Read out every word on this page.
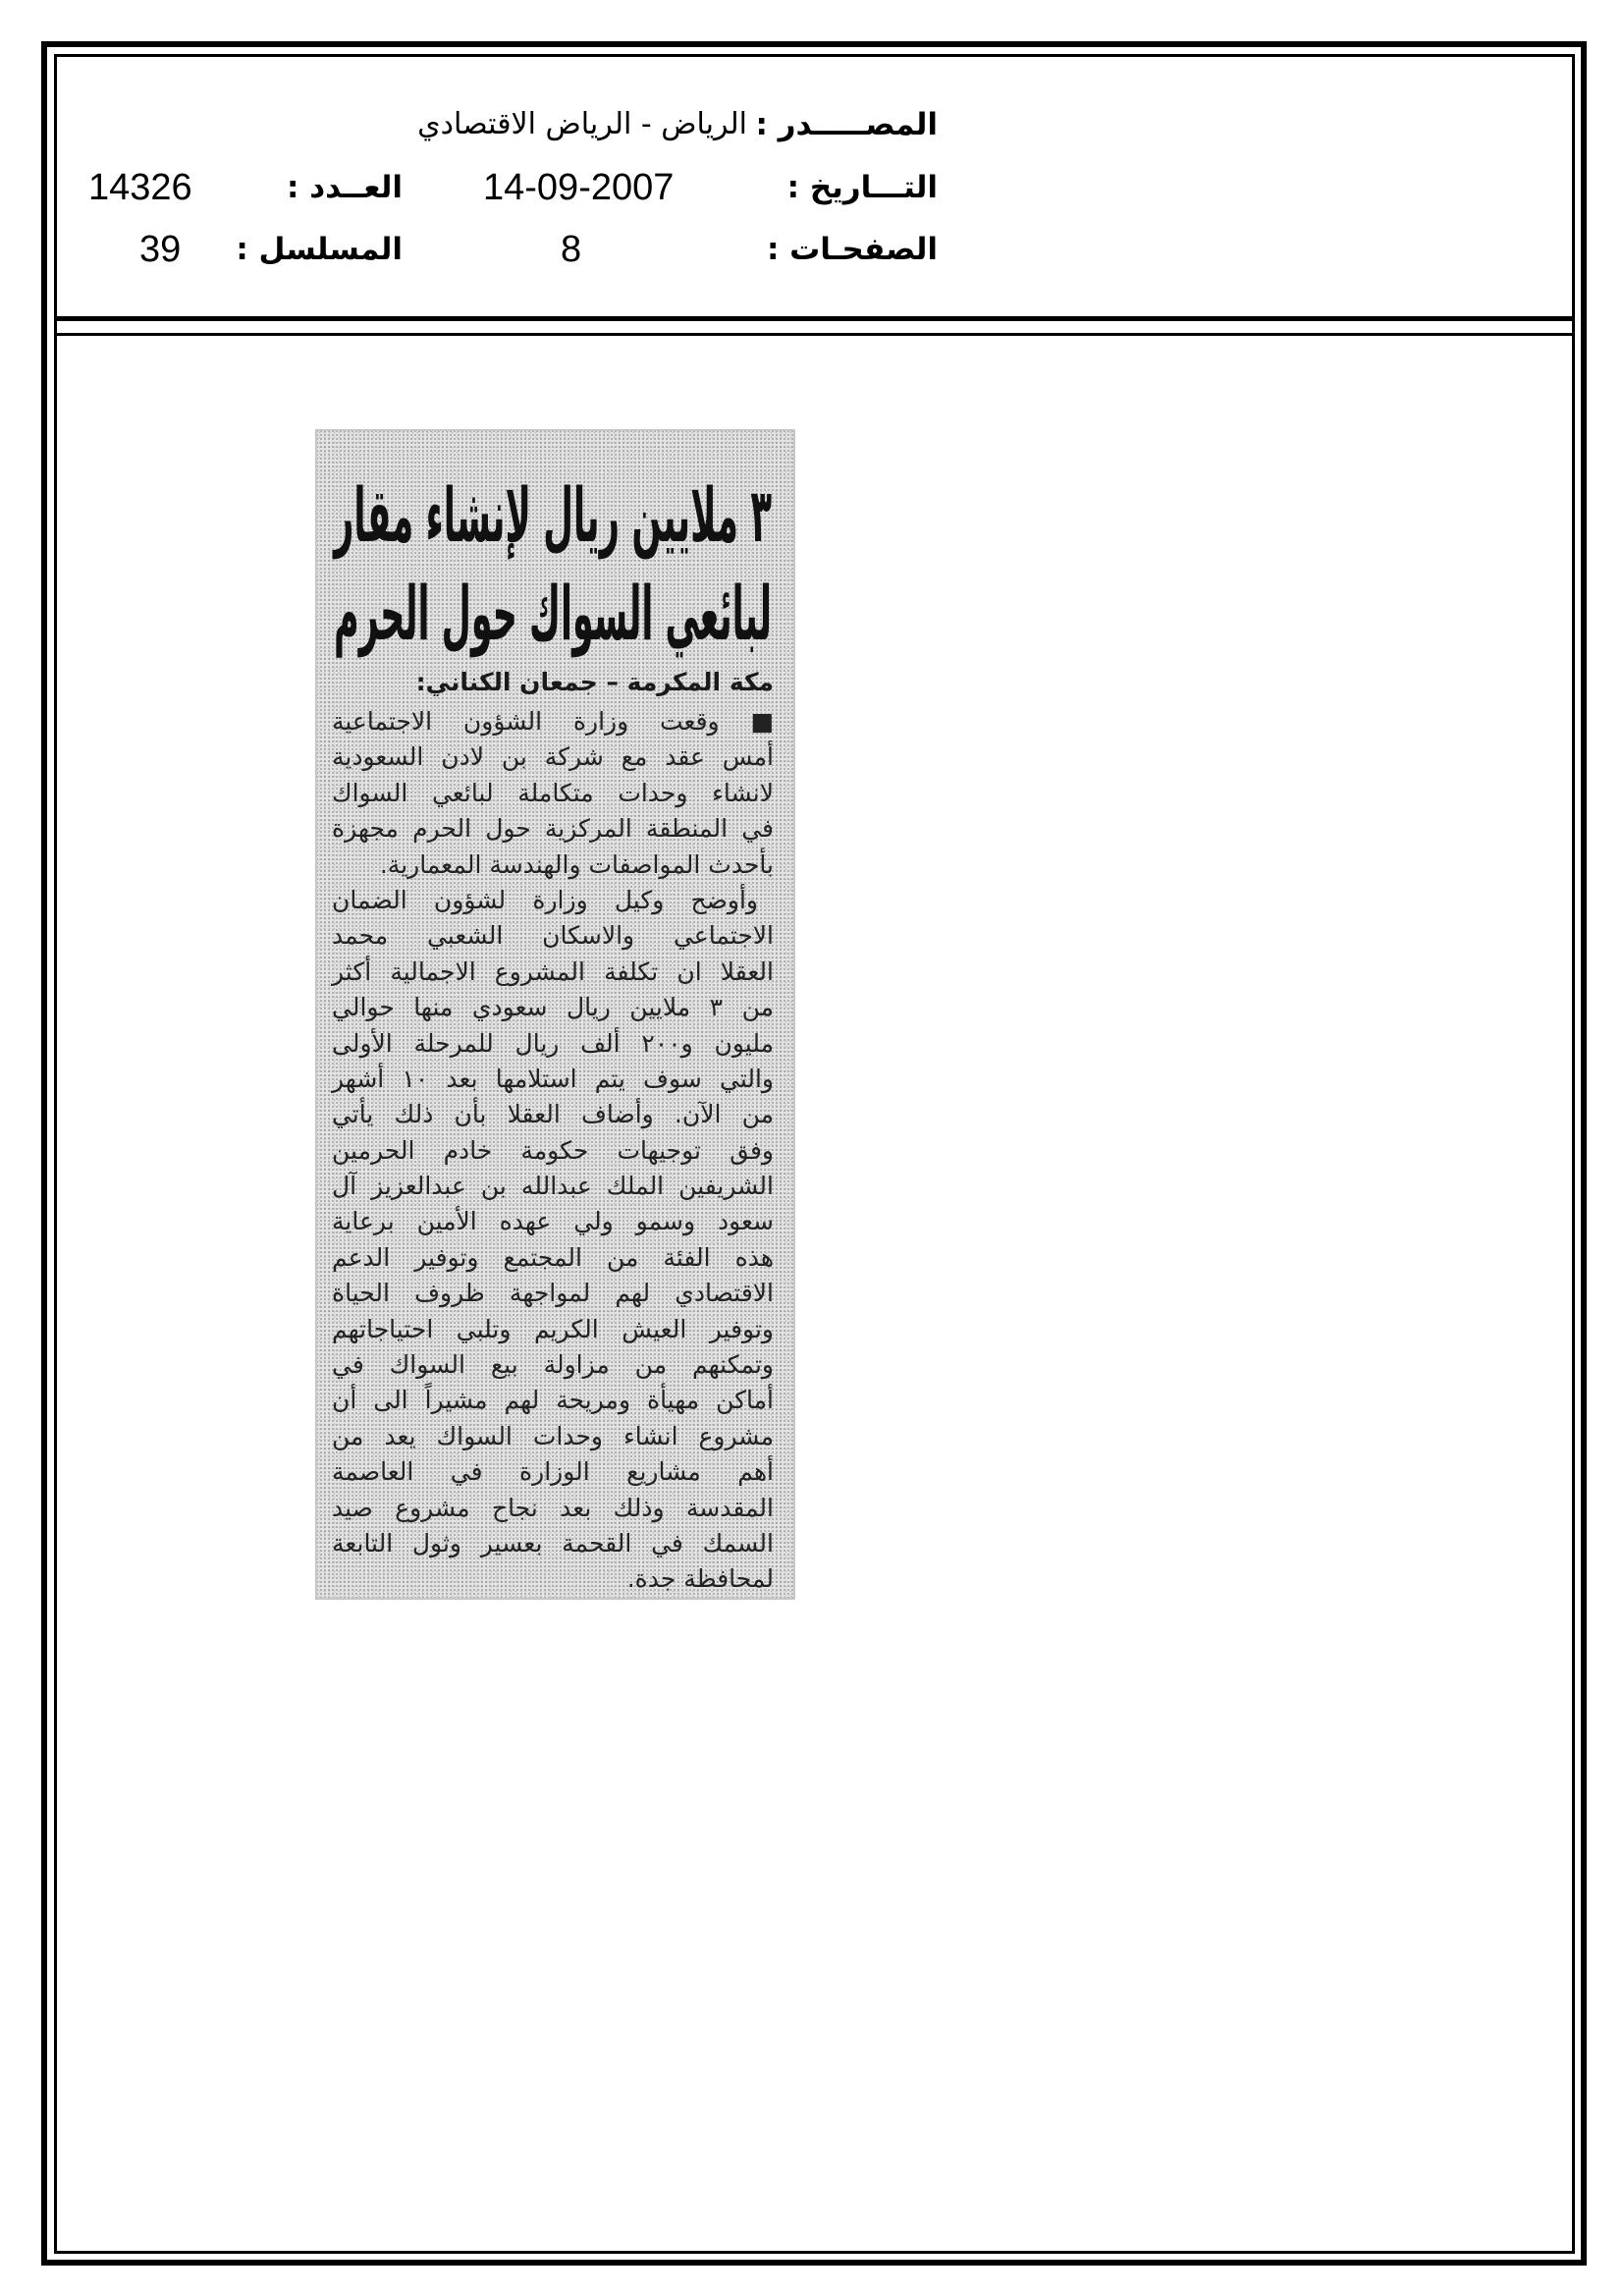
المصـــــدر :
الرياض - الرياض الاقتصادي
التـــاريخ :
14-09-2007
العــدد :
14326
الصفحـات :
8
المسلسل :
39
٣ ملايين ريال لإنشاء مقار
لبائعي السواك حول الحرم
مكة المكرمة – جمعان الكناني:
■ وقعت وزارة الشؤون الاجتماعية
أمس عقد مع شركة بن لادن السعودية
لانشاء وحدات متكاملة لبائعي السواك
في المنطقة المركزية حول الحرم مجهزة
بأحدث المواصفات والهندسة المعمارية.
وأوضح وكيل وزارة لشؤون الضمان
الاجتماعي والاسكان الشعبي محمد
العقلا ان تكلفة المشروع الاجمالية أكثر
من ٣ ملايين ريال سعودي منها حوالي
مليون و٢٠٠ ألف ريال للمرحلة الأولى
والتي سوف يتم استلامها بعد ١٠ أشهر
من الآن. وأضاف العقلا بأن ذلك يأتي
وفق توجيهات حكومة خادم الحرمين
الشريفين الملك عبدالله بن عبدالعزيز آل
سعود وسمو ولي عهده الأمين برعاية
هذه الفئة من المجتمع وتوفير الدعم
الاقتصادي لهم لمواجهة ظروف الحياة
وتوفير العيش الكريم وتلبي احتياجاتهم
وتمكنهم من مزاولة بيع السواك في
أماكن مهيأة ومريحة لهم مشيراً الى أن
مشروع انشاء وحدات السواك يعد من
أهم مشاريع الوزارة في العاصمة
المقدسة وذلك بعد نجاح مشروع صيد
السمك في القحمة بعسير وثول التابعة
لمحافظة جدة.
